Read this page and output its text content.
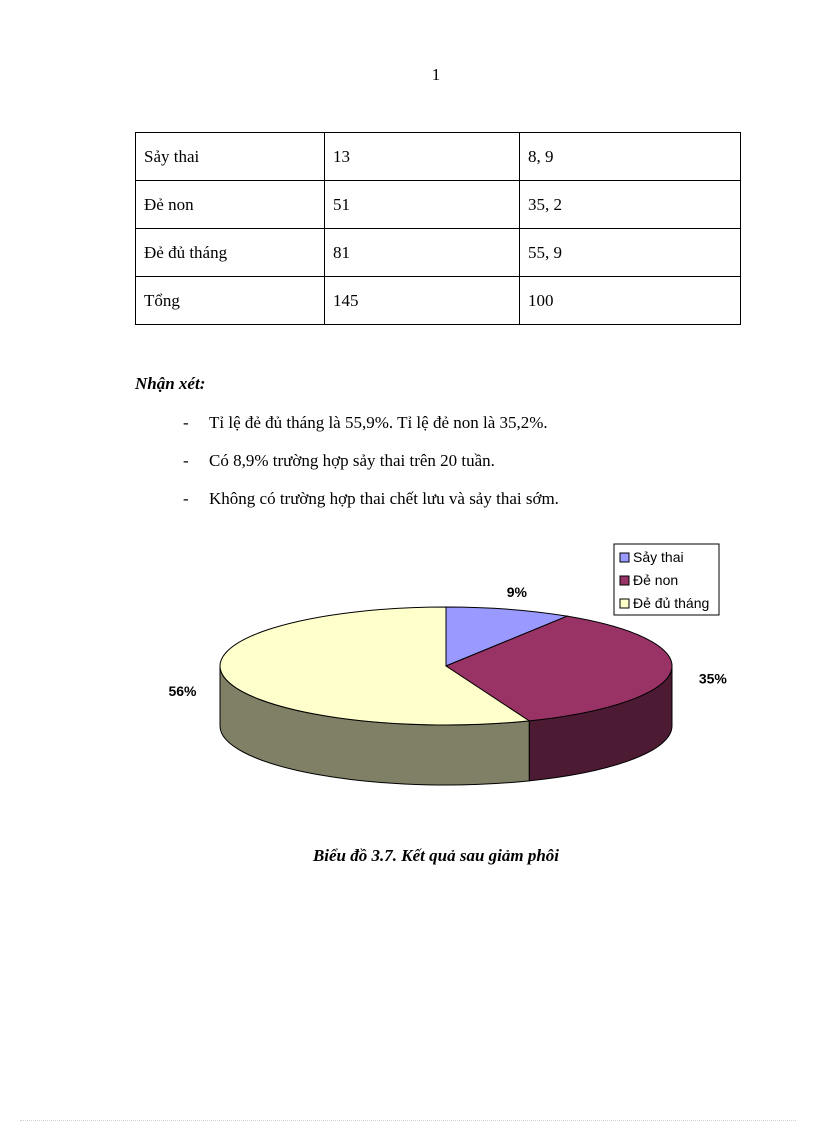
1
Sảy thai	13	8, 9
Đẻ non	51	35, 2
Đẻ đủ tháng	81	55, 9
Tổng	145	100
Nhận xét:
- Tỉ lệ đẻ đủ tháng là 55,9%. Tỉ lệ đẻ non là 35,2%.
- Có 8,9% trường hợp sảy thai trên 20 tuần.
- Không có trường hợp thai chết lưu và sảy thai sớm.
9%
35%
56%
Sảy thai
Đẻ non
Đẻ đủ tháng
Biểu đồ 3.7. Kết quả sau giảm phôi
